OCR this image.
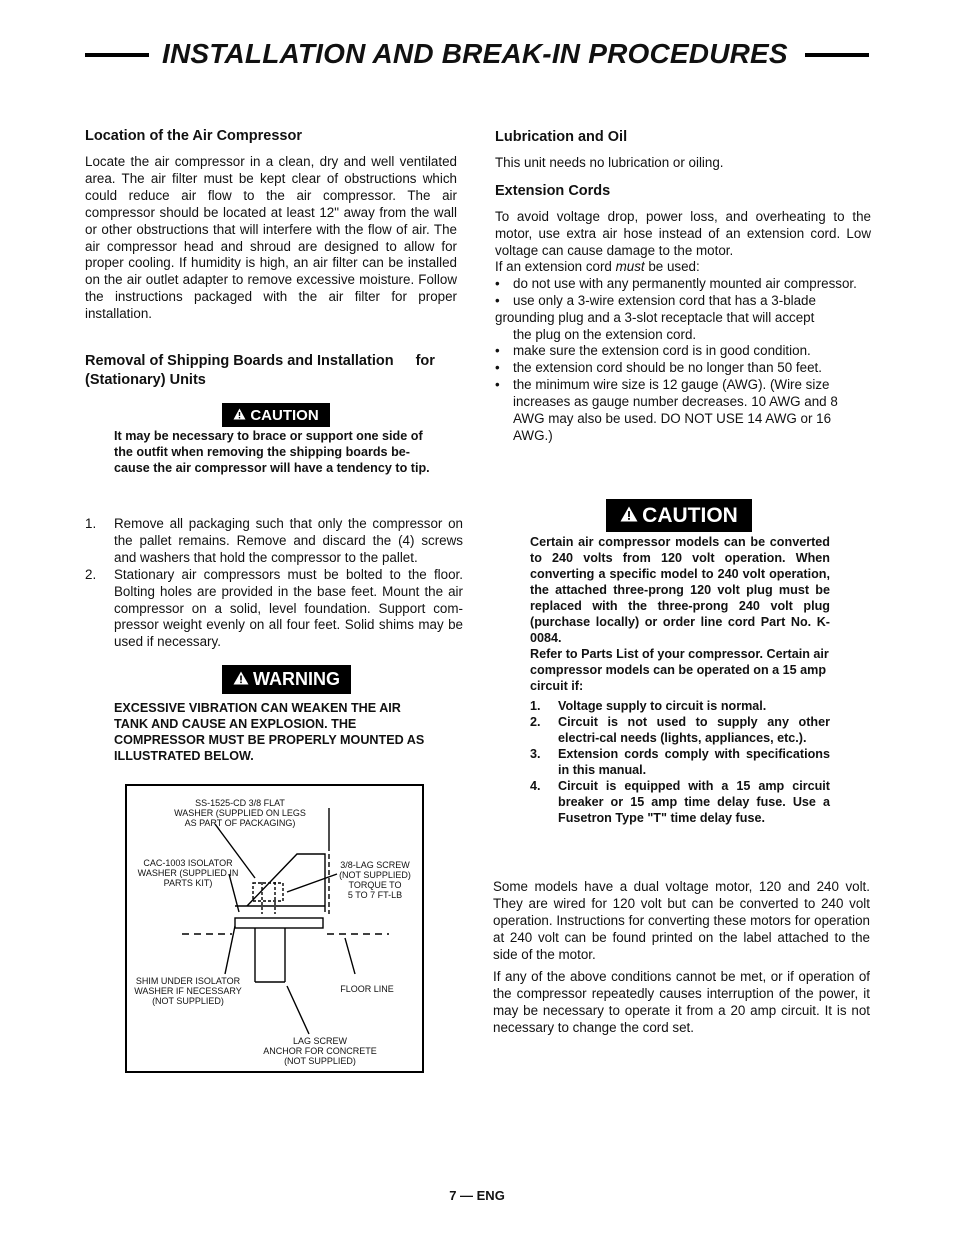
INSTALLATION AND BREAK-IN PROCEDURES
Location of the Air Compressor

Locate the air compressor in a clean, dry and well ventilated area. The air filter must be kept clear of obstructions which could reduce air flow to the air compressor. The air compressor should be located at least 12" away from the wall or other obstructions that will interfere with the flow of air. The air compressor head and shroud are designed to allow for proper cooling. If humidity is high, an air filter can be installed on the air outlet adapter to remove excessive moisture. Follow the instructions packaged with the air filter for proper installation.

Removal of Shipping Boards and Installation for
(Stationary) Units
CAUTION

It may be necessary to brace or support one side of the outfit when removing the shipping boards be-cause the air compressor will have a tendency to tip.

1. Remove all packaging such that only the compressor on the pallet remains. Remove and discard the (4) screws and washers that hold the compressor to the pallet.
2. Stationary air compressors must be bolted to the floor. Bolting holes are provided in the base feet. Mount the air compressor on a solid, level foundation. Support com-pressor weight evenly on all four feet. Solid shims may be used if necessary.
WARNING

EXCESSIVE VIBRATION CAN WEAKEN THE AIR TANK AND CAUSE AN EXPLOSION. THE COMPRESSOR MUST BE PROPERLY MOUNTED AS ILLUSTRATED BELOW.

SS-1525-CD 3/8 FLAT
WASHER (SUPPLIED ON LEGS
AS PART OF PACKAGING)
CAC-1003 ISOLATOR
WASHER (SUPPLIED IN
PARTS KIT)
3/8-LAG SCREW
(NOT SUPPLIED)
TORQUE TO
5 TO 7 FT-LB
SHIM UNDER ISOLATOR
WASHER IF NECESSARY
(NOT SUPPLIED)
FLOOR LINE
LAG SCREW
ANCHOR FOR CONCRETE
(NOT SUPPLIED)
Lubrication and Oil

This unit needs no lubrication or oiling.

Extension Cords

To avoid voltage drop, power loss, and overheating to the motor, use extra air hose instead of an extension cord. Low voltage can cause damage to the motor.

If an extension cord must be used:

• do not use with any permanently mounted air compressor.
• use only a 3-wire extension cord that has a 3-blade

grounding plug and a 3-slot receptacle that will accept

the plug on the extension cord.

• make sure the extension cord is in good condition.
• the extension cord should be no longer than 50 feet.
• the minimum wire size is 12 gauge (AWG). (Wire size increases as gauge number decreases. 10 AWG and 8 AWG may also be used. DO NOT USE 14 AWG or 16 AWG.)
CAUTION

Certain air compressor models can be converted to 240 volts from 120 volt operation. When converting a specific model to 240 volt operation, the attached three-prong 120 volt plug must be replaced with the three-prong 240 volt plug (purchase locally) or order line cord Part No. K-0084.

Refer to Parts List of your compressor. Certain air compressor models can be operated on a 15 amp circuit if:

1. Voltage supply to circuit is normal.
2. Circuit is not used to supply any other electri-cal needs (lights, appliances, etc.).
3. Extension cords comply with specifications in this manual.
4. Circuit is equipped with a 15 amp circuit breaker or 15 amp time delay fuse. Use a Fusetron Type "T" time delay fuse.

Some models have a dual voltage motor, 120 and 240 volt. They are wired for 120 volt but can be converted to 240 volt operation. Instructions for converting these motors for operation at 240 volt can be found printed on the label attached to the side of the motor.

If any of the above conditions cannot be met, or if operation of the compressor repeatedly causes interruption of the power, it may be necessary to operate it from a 20 amp circuit. It is not necessary to change the cord set.

7 — ENG
